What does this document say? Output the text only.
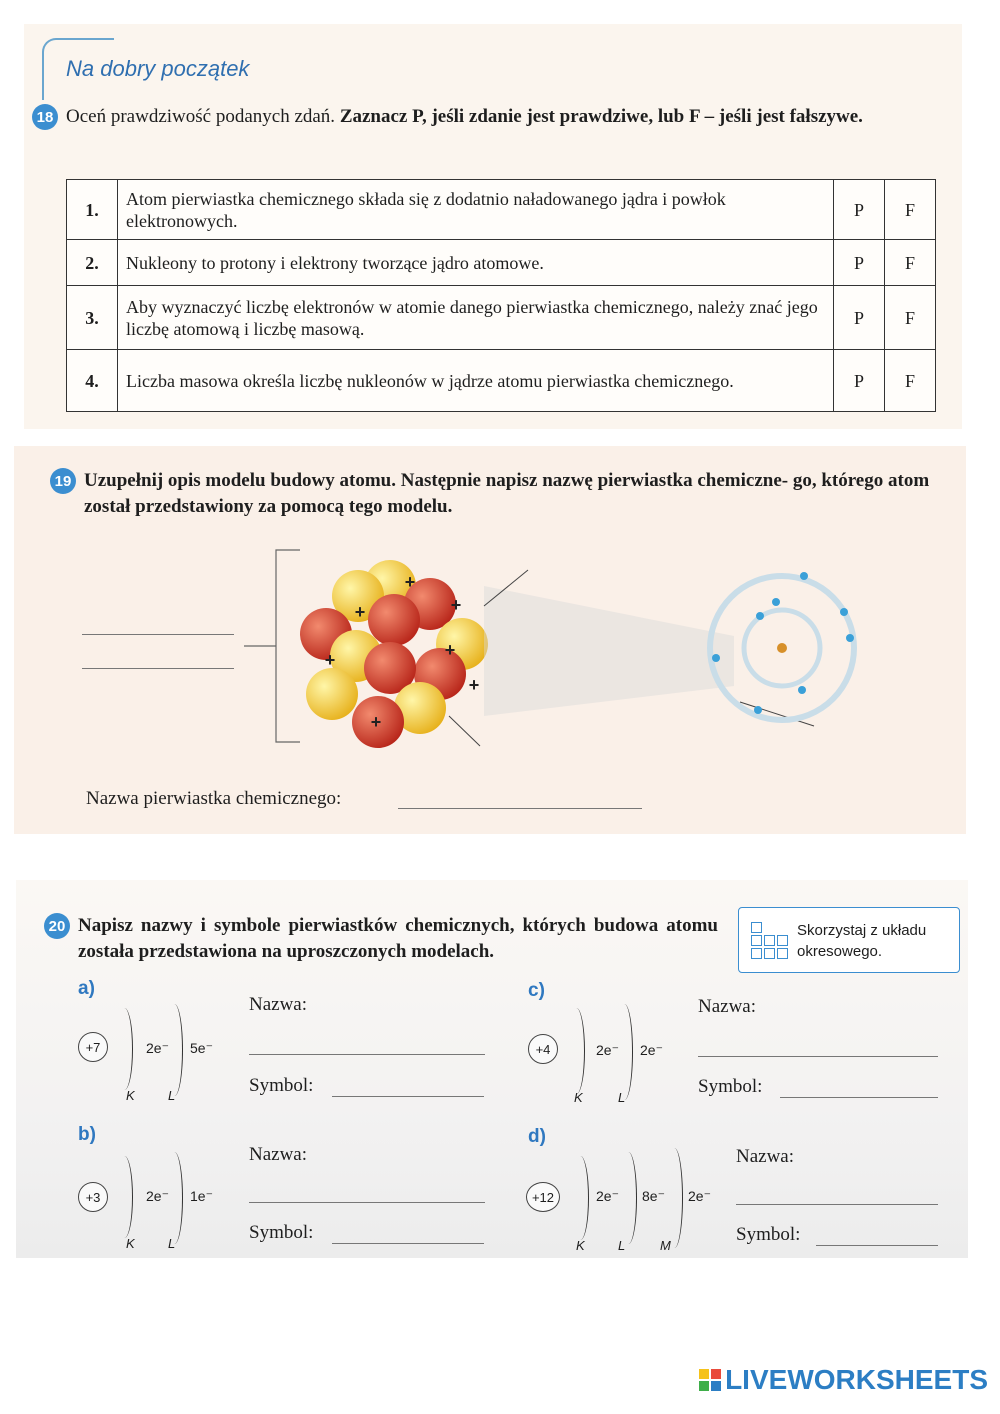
Na dobry początek
18 Oceń prawdziwość podanych zdań. Zaznacz P, jeśli zdanie jest prawdziwe, lub F – jeśli jest fałszywe.
1.	Atom pierwiastka chemicznego składa się z dodatnio naładowanego jądra i powłok elektronowych.	P	F
2.	Nukleony to protony i elektrony tworzące jądro atomowe.	P	F
3.	Aby wyznaczyć liczbę elektronów w atomie danego pierwiastka chemicznego, należy znać jego liczbę atomową i liczbę masową.	P	F
4.	Liczba masowa określa liczbę nukleonów w jądrze atomu pierwiastka chemicznego.	P	F
19 Uzupełnij opis modelu budowy atomu. Następnie napisz nazwę pierwiastka chemiczne- go, którego atom został przedstawiony za pomocą tego modelu.
+
+
+
+	+
+
+
Nazwa pierwiastka chemicznego:
20 Napisz nazwy i symbole pierwiastków chemicznych, których budowa atomu została przedstawiona na uproszczonych modelach.
Skorzystaj z układu okresowego.
a)
+7	2e⁻ 5e⁻
K	L
Nazwa:
Symbol:
b)
+3	2e⁻ 1e⁻
K	L
Nazwa:
Symbol:
c)
+4	2e⁻ 2e⁻
K	L
Nazwa:
Symbol:
d)
+12	2e⁻ 8e⁻ 2e⁻
K	L	M
Nazwa:
Symbol:
LIVEWORKSHEETS
